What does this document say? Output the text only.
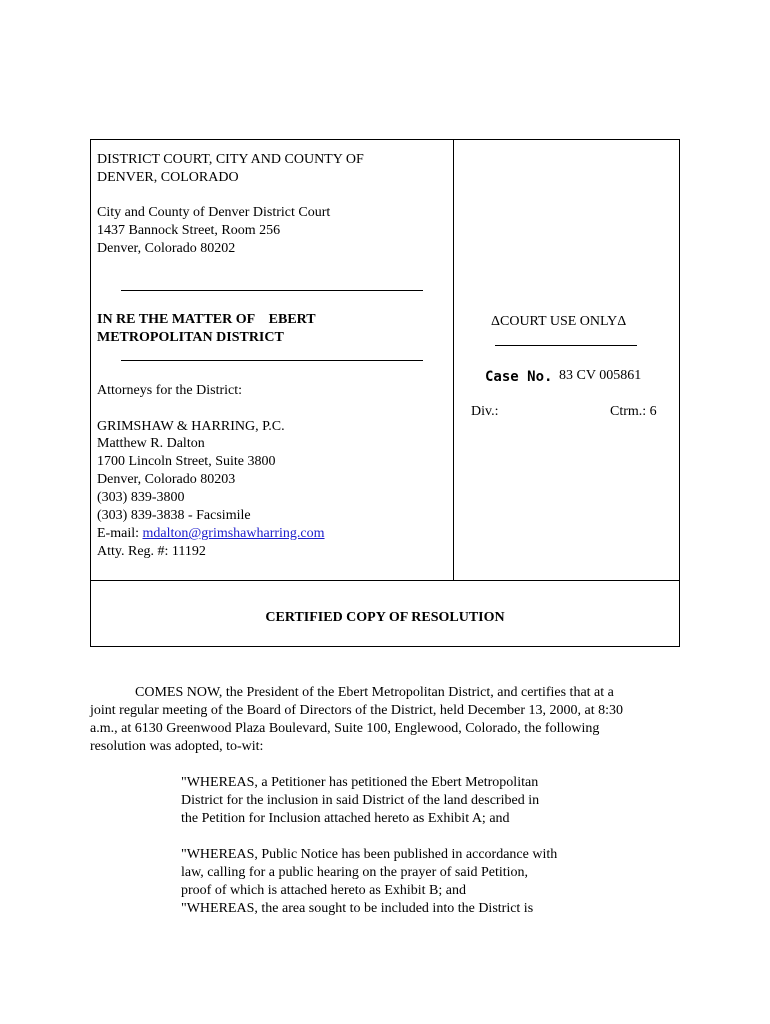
DISTRICT COURT, CITY AND COUNTY OF
DENVER, COLORADO
City and County of Denver District Court
1437 Bannock Street, Room 256
Denver, Colorado 80202
IN RE THE MATTER OF    EBERT
METROPOLITAN DISTRICT
Attorneys for the District:
GRIMSHAW & HARRING, P.C.
Matthew R. Dalton
1700 Lincoln Street, Suite 3800
Denver, Colorado 80203
(303) 839-3800
(303) 839-3838 - Facsimile
E-mail: mdalton@grimshawharring.com
Atty. Reg. #: 11192
ΔCOURT USE ONLYΔ
Case No. 83 CV 005861
Div.:	Ctrm.: 6
CERTIFIED COPY OF RESOLUTION

COMES NOW, the President of the Ebert Metropolitan District, and certifies that at a

joint regular meeting of the Board of Directors of the District, held December 13, 2000, at 8:30

a.m., at 6130 Greenwood Plaza Boulevard, Suite 100, Englewood, Colorado, the following

resolution was adopted, to-wit:

"WHEREAS, a Petitioner has petitioned the Ebert Metropolitan

District for the inclusion in said District of the land described in

the Petition for Inclusion attached hereto as Exhibit A; and

"WHEREAS, Public Notice has been published in accordance with

law, calling for a public hearing on the prayer of said Petition,

proof of which is attached hereto as Exhibit B; and

"WHEREAS, the area sought to be included into the District is
